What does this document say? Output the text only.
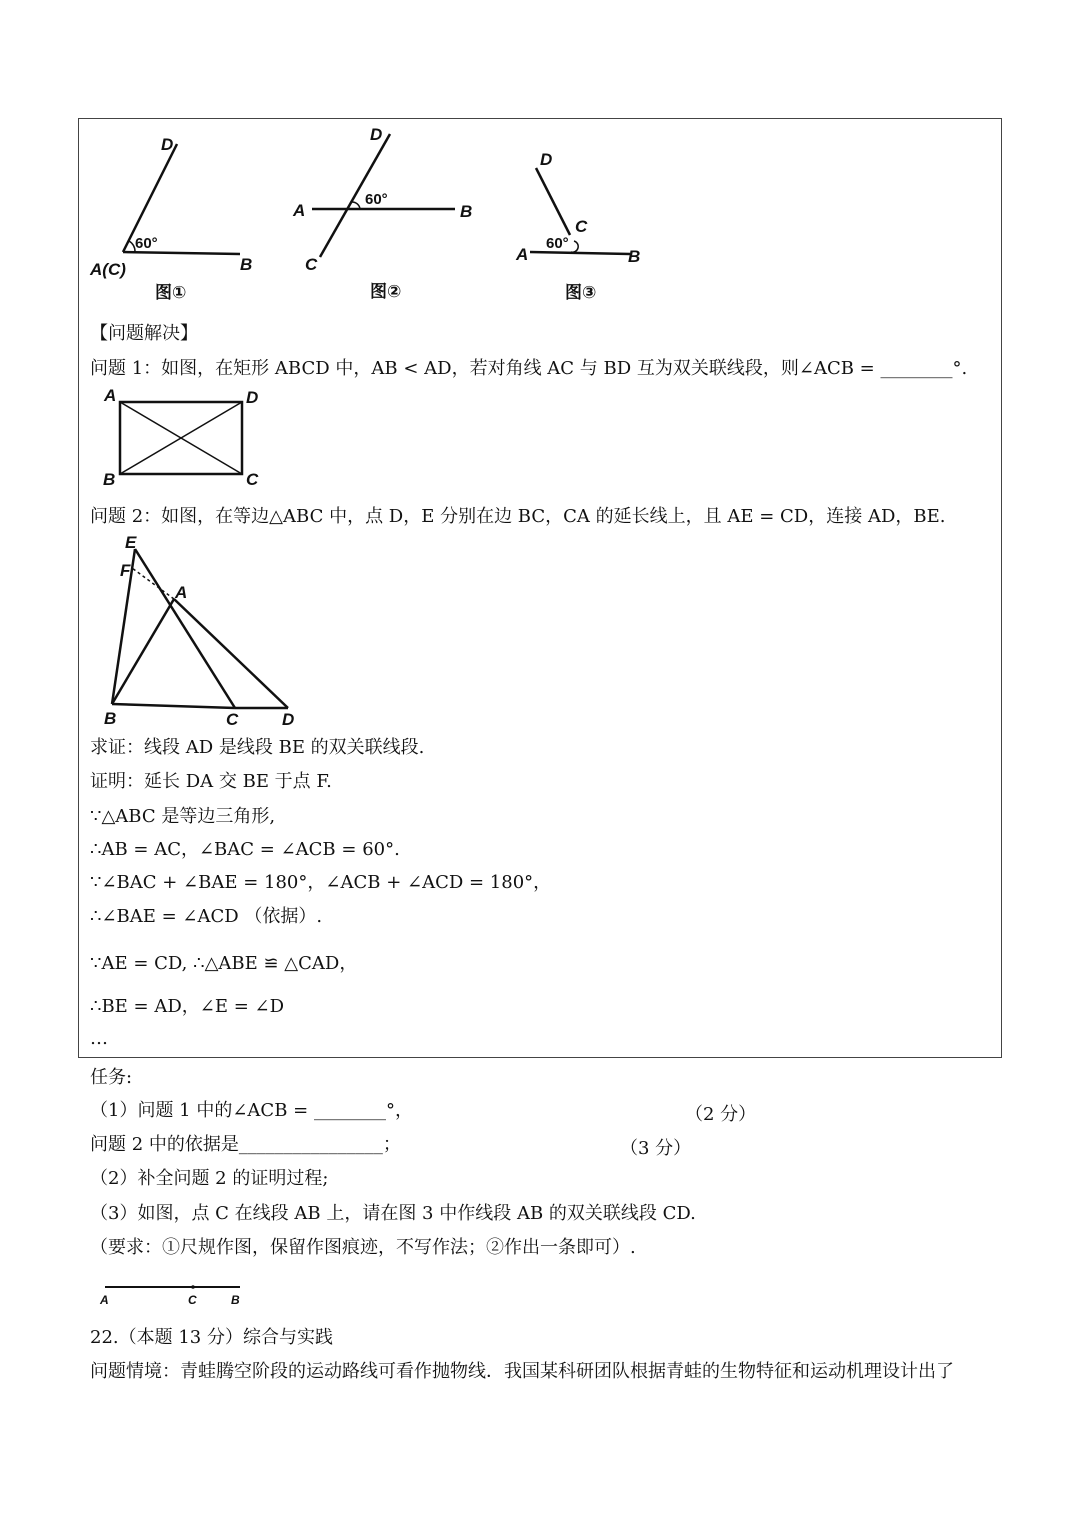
D
60°
A(C)	B
图①
D
60°
A	B
C
图②
D
C
60°
A	B
图③
【问题解决】
问题 1：如图，在矩形 ABCD 中，AB < AD，若对角线 AC 与 BD 互为双关联线段，则∠ACB = ________°.
A	D
B	C
问题 2：如图，在等边△ABC 中，点 D，E 分别在边 BC，CA 的延长线上，且 AE = CD，连接 AD，BE.
E
F
A
B	C	D
求证：线段 AD 是线段 BE 的双关联线段.
证明：延长 DA 交 BE 于点 F.
∵△ABC 是等边三角形,
∴AB = AC，∠BAC = ∠ACB = 60°.
∵∠BAC + ∠BAE = 180°，∠ACB + ∠ACD = 180°，
∴∠BAE = ∠ACD （依据）.
∵AE = CD, ∴△ABE ≌ △CAD，
∴BE = AD，∠E = ∠D
…
任务:
（1）问题 1 中的∠ACB = ________°，	（2 分）
问题 2 中的依据是________________；	（3 分）
（2）补全问题 2 的证明过程;
（3）如图，点 C 在线段 AB 上，请在图 3 中作线段 AB 的双关联线段 CD.
（要求：①尺规作图，保留作图痕迹，不写作法；②作出一条即可）.
A	C	B
22.（本题 13 分）综合与实践
问题情境：青蛙腾空阶段的运动路线可看作抛物线．我国某科研团队根据青蛙的生物特征和运动机理设计出了
